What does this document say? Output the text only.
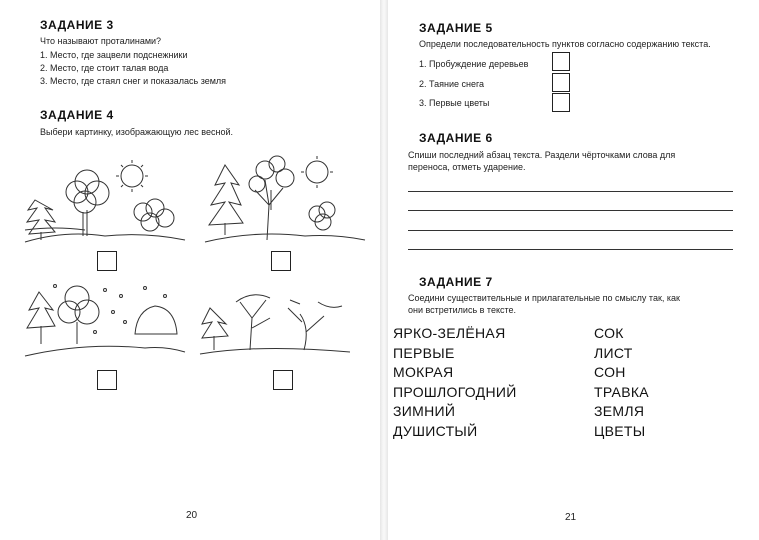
ЗАДАНИЕ 3
Что называют проталинами?
1. Место, где зацвели подснежники
2. Место, где стоит талая вода
3. Место, где стаял снег и показалась земля
ЗАДАНИЕ 4
Выбери картинку, изображающую лес весной.
20
ЗАДАНИЕ 5
Определи последовательность пунктов согласно содержанию текста.
1. Пробуждение деревьев
2. Таяние снега
3. Первые цветы
ЗАДАНИЕ 6
Спиши последний абзац текста. Раздели чёрточками слова для
переноса, отметь ударение.
ЗАДАНИЕ 7
Соедини существительные и прилагательные по смыслу так, как
они встретились в тексте.
ЯРКО-ЗЕЛЁНАЯ
ПЕРВЫЕ
МОКРАЯ
ПРОШЛОГОДНИЙ
ЗИМНИЙ
ДУШИСТЫЙ
СОК
ЛИСТ
СОН
ТРАВКА
ЗЕМЛЯ
ЦВЕТЫ
21
